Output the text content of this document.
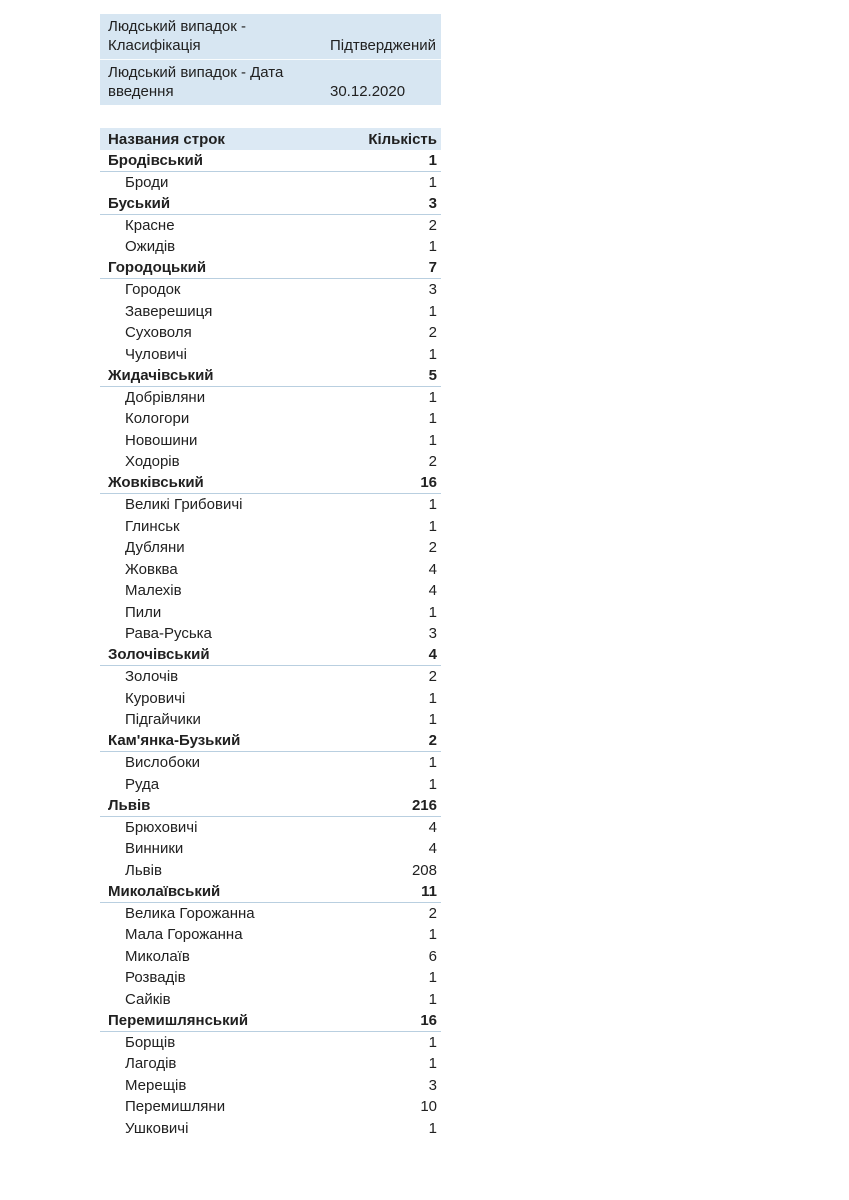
Людський випадок - Класифікація	Підтверджений
Людський випадок - Дата введення	30.12.2020
Названия строк	Кількість
Бродівський	1
Броди	1
Буський	3
Красне	2
Ожидів	1
Городоцький	7
Городок	3
Заверешиця	1
Суховоля	2
Чуловичі	1
Жидачівський	5
Добрівляни	1
Кологори	1
Новошини	1
Ходорів	2
Жовківський	16
Великі Грибовичі	1
Глинськ	1
Дубляни	2
Жовква	4
Малехів	4
Пили	1
Рава-Руська	3
Золочівський	4
Золочів	2
Куровичі	1
Підгайчики	1
Кам'янка-Бузький	2
Вислобоки	1
Руда	1
Львів	216
Брюховичі	4
Винники	4
Львів	208
Миколаївський	11
Велика Горожанна	2
Мала Горожанна	1
Миколаїв	6
Розвадів	1
Сайків	1
Перемишлянський	16
Борщів	1
Лагодів	1
Мерещів	3
Перемишляни	10
Ушковичі	1
